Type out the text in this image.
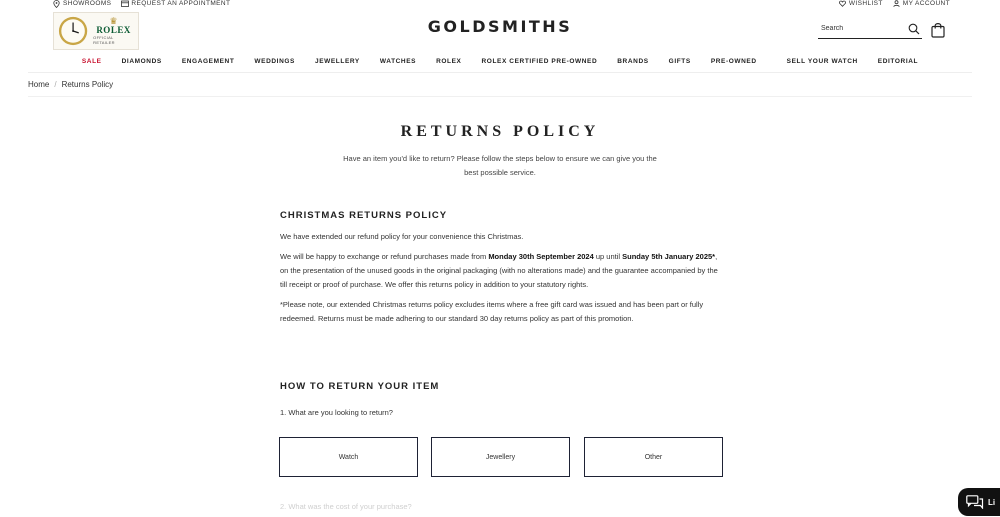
SHOWROOMS	REQUEST AN APPOINTMENT	WISHLIST	MY ACCOUNT
♛
ROLEX
OFFICIAL RETAILER
GOLDSMITHS
Search
SALE	DIAMONDS	ENGAGEMENT	WEDDINGS	JEWELLERY	WATCHES	ROLEX	ROLEX CERTIFIED PRE-OWNED	BRANDS	GIFTS	PRE-OWNED	SELL YOUR WATCH	EDITORIAL
Home / Returns Policy
RETURNS POLICY

Have an item you'd like to return? Please follow the steps below to ensure we can give you the best possible service.

CHRISTMAS RETURNS POLICY

We have extended our refund policy for your convenience this Christmas.

We will be happy to exchange or refund purchases made from Monday 30th September 2024 up until Sunday 5th January 2025*, on the presentation of the unused goods in the original packaging (with no alterations made) and the guarantee accompanied by the till receipt or proof of purchase. We offer this returns policy in addition to your statutory rights.

*Please note, our extended Christmas returns policy excludes items where a free gift card was issued and has been part or fully redeemed. Returns must be made adhering to our standard 30 day returns policy as part of this promotion.

HOW TO RETURN YOUR ITEM

1. What are you looking to return?

Watch	Jewellery	Other

2. What was the cost of your purchase?	Li
